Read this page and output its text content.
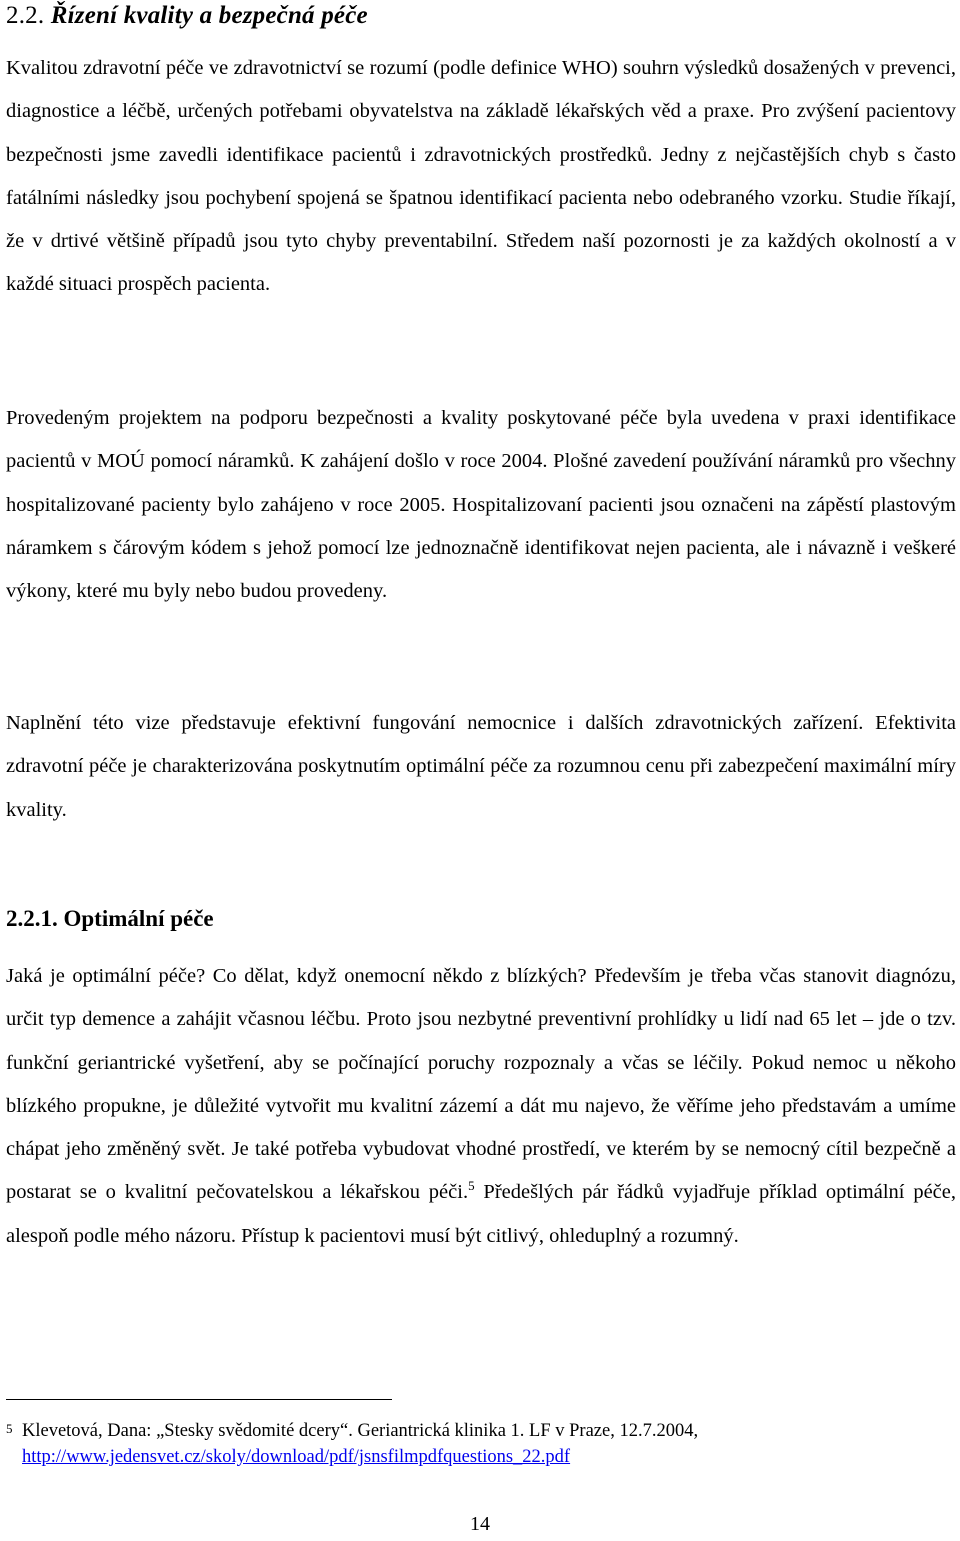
2.2. Řízení kvality a bezpečná péče
Kvalitou zdravotní péče ve zdravotnictví se rozumí (podle definice WHO) souhrn výsledků dosažených v prevenci, diagnostice a léčbě, určených potřebami obyvatelstva na základě lékařských věd a praxe. Pro zvýšení pacientovy bezpečnosti jsme zavedli identifikace pacientů i zdravotnických prostředků. Jedny z nejčastějších chyb s často fatálními následky jsou pochybení spojená se špatnou identifikací pacienta nebo odebraného vzorku. Studie říkají, že v drtivé většině případů jsou tyto chyby preventabilní. Středem naší pozornosti je za každých okolností a v každé situaci prospěch pacienta.
Provedeným projektem na podporu bezpečnosti a kvality poskytované péče byla uvedena v praxi identifikace pacientů v MOÚ pomocí náramků. K zahájení došlo v roce 2004. Plošné zavedení používání náramků pro všechny hospitalizované pacienty bylo zahájeno v roce 2005. Hospitalizovaní pacienti jsou označeni na zápěstí plastovým náramkem s čárovým kódem s jehož pomocí lze jednoznačně identifikovat nejen pacienta, ale i návazně i veškeré výkony, které mu byly nebo budou provedeny.
Naplnění této vize představuje efektivní fungování nemocnice i dalších zdravotnických zařízení. Efektivita zdravotní péče je charakterizována poskytnutím optimální péče za rozumnou cenu při zabezpečení maximální míry kvality.
2.2.1. Optimální péče
Jaká je optimální péče? Co dělat, když onemocní někdo z blízkých? Především je třeba včas stanovit diagnózu, určit typ demence a zahájit včasnou léčbu. Proto jsou nezbytné preventivní prohlídky u lidí nad 65 let – jde o tzv. funkční geriantrické vyšetření, aby se počínající poruchy rozpoznaly a včas se léčily. Pokud nemoc u někoho blízkého propukne, je důležité vytvořit mu kvalitní zázemí a dát mu najevo, že věříme jeho představám a umíme chápat jeho změněný svět. Je také potřeba vybudovat vhodné prostředí, ve kterém by se nemocný cítil bezpečně a postarat se o kvalitní pečovatelskou a lékařskou péči.$^5$ Předešlých pár řádků vyjadřuje příklad optimální péče, alespoň podle mého názoru. Přístup k pacientovi musí být citlivý, ohleduplný a rozumný.
5 Klevetová, Dana: „Stesky svědomité dcery“. Geriantrická klinika 1. LF v Praze, 12.7.2004,
http://www.jedensvet.cz/skoly/download/pdf/jsnsfilmpdfquestions_22.pdf
14
